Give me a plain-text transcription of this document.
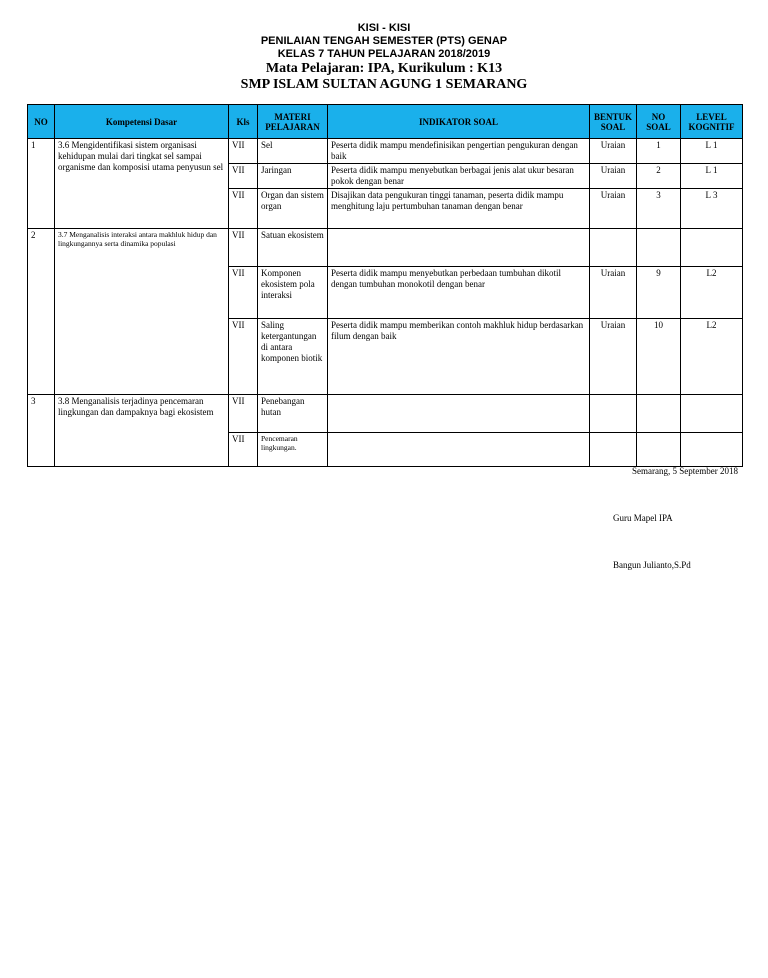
KISI - KISI
PENILAIAN TENGAH SEMESTER (PTS) GENAP
KELAS 7 TAHUN PELAJARAN 2018/2019
Mata Pelajaran: IPA, Kurikulum : K13
SMP ISLAM SULTAN AGUNG 1 SEMARANG
NO	Kompetensi Dasar	Kls	MATERI PELAJARAN	INDIKATOR SOAL	BENTUK SOAL	NO SOAL	LEVEL KOGNITIF
1	3.6 Mengidentifikasi sistem organisasi kehidupan mulai dari tingkat sel sampai organisme dan komposisi utama penyusun sel	VII	Sel	Peserta didik mampu mendefinisikan pengertian pengukuran dengan baik	Uraian	1	L 1
		VII	Jaringan	Peserta didik mampu menyebutkan berbagai jenis alat ukur besaran pokok dengan benar	Uraian	2	L 1
		VII	Organ dan sistem organ	Disajikan data pengukuran tinggi tanaman, peserta didik mampu menghitung laju pertumbuhan tanaman dengan benar	Uraian	3	L 3
2	3.7 Menganalisis interaksi antara makhluk hidup dan lingkungannya serta dinamika populasi	VII	Satuan ekosistem				
		VII	Komponen ekosistem pola interaksi	Peserta didik mampu menyebutkan perbedaan tumbuhan dikotil dengan tumbuhan monokotil dengan benar	Uraian	9	L2
		VII	Saling ketergantungan di antara komponen biotik	Peserta didik mampu memberikan contoh makhluk hidup berdasarkan filum dengan baik	Uraian	10	L2
3	3.8 Menganalisis terjadinya pencemaran lingkungan dan dampaknya bagi ekosistem	VII	Penebangan hutan				
		VII	Pencemaran lingkungan.				
Semarang, 5 September 2018
Guru Mapel IPA
Bangun Julianto,S.Pd
